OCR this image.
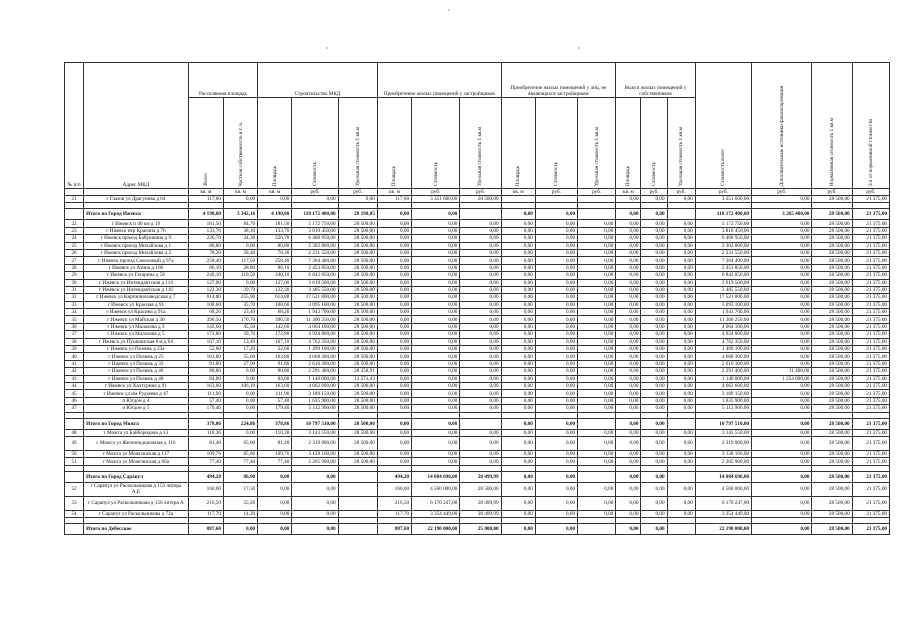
№ п/п	Адрес МКД	Расселяемая площадь		Строительство МКД			Приобретение жилых помещений у застройщиков			Приобретение жилых помещений у лиц, не являющихся застройщиком			Выкуп жилых помещений у собственников			Стоимость всего	Дополнительные источники финансирования	Нормативная стоимость 1 кв.м	3/4 от нормативной стоимости
		Всего	Частная собственность в т. ч.	Площадь	Стоимость	Удельная стоимость 1 кв.м	Площадь	Стоимость	Удельная стоимость 1 кв.м	Площадь	Стоимость	Удельная стоимость 1 кв.м	Площадь	Стоимость	Удельная стоимость 1 кв.м				
		кв. м	кв. м	кв. м	руб.	руб.	кв. м	руб.	руб.	кв. м	руб.	руб.	кв. м	руб.	руб.	руб.	руб.	руб.	руб.
21	г Глазов ул Драгунова д 64	117,60	0,00	0,00	0,00	0,00	117,60	3 351 600,00	28 500,00				0,00	0,00	0,00	3 351 600,00	0,00	28 500,00	21 375,00

	Итого по Город Ижевск	4 190,80	3 342,16	4 190,80	118 172 400,00	28 198,05	0,00	0,00		0,00	0,00		0,00	0,00		118 172 400,00	3 265 400,00	28 500,00	21 375,00
22	г Ижевск п 40 км д 19	181,50	84,70	181,50	5 172 750,00	28 500,00	0,00	0,00	0,00	0,00	0,00	0,00	0,00	0,00	0,00	5 172 750,00	0,00	28 500,00	21 375,00
23	г Ижевск пер Красина д 76	133,70	38,10	133,70	3 810 450,00	28 500,00	0,00	0,00	0,00	0,00	0,00	0,00	0,00	0,00	0,00	3 810 450,00	0,00	28 500,00	21 375,00
24	г Ижевск проезд Бабушкина д 9	226,70	24,30	226,70	6 460 950,00	28 500,00	0,00	0,00	0,00	0,00	0,00	0,00	0,00	0,00	0,00	6 460 950,00	0,00	28 500,00	21 375,00
25	г Ижевск проезд Михайлова д 1	80,80	0,00	80,80	2 302 800,00	28 500,00	0,00	0,00	0,00	0,00	0,00	0,00	0,00	0,00	0,00	2 302 800,00	0,00	28 500,00	21 375,00
26	г Ижевск проезд Михайлова д 2	78,30	58,40	78,30	2 231 550,00	28 500,00	0,00	0,00	0,00	0,00	0,00	0,00	0,00	0,00	0,00	2 231 550,00	0,00	28 500,00	21 375,00
27	г Ижевск проезд Соколовый д 97а	258,40	117,50	258,40	7 364 400,00	28 500,00	0,00	0,00	0,00	0,00	0,00	0,00	0,00	0,00	0,00	7 364 400,00	0,00	28 500,00	21 375,00
28	г Ижевск ул Азина д 166	86,10	28,80	86,10	2 453 850,00	28 500,00	0,00	0,00	0,00	0,00	0,00	0,00	0,00	0,00	0,00	2 453 850,00	0,00	28 500,00	21 375,00
29	г Ижевск ул Гагарина д 56	240,10	119,50	240,10	6 842 850,00	28 500,00	0,00	0,00	0,00	0,00	0,00	0,00	0,00	0,00	0,00	6 842 850,00	0,00	28 500,00	21 375,00
30	г Ижевск ул Интендантская д 114	127,00	0,00	127,00	3 619 500,00	28 500,00	0,00	0,00	0,00	0,00	0,00	0,00	0,00	0,00	0,00	3 619 500,00	0,00	28 500,00	21 375,00
31	г Ижевск ул Интендантская д 116	122,30	39,70	122,30	3 485 550,00	28 500,00	0,00	0,00	0,00	0,00	0,00	0,00	0,00	0,00	0,00	3 485 550,00	0,00	28 500,00	21 375,00
32	г Ижевск ул Кирпичнозаводская д 7	614,80	255,90	614,80	17 521 800,00	28 500,00	0,00	0,00	0,00	0,00	0,00	0,00	0,00	0,00	0,00	17 521 800,00	0,00	28 500,00	21 375,00
33	г Ижевск ул Красная д 91	108,60	35,70	108,60	3 095 100,00	28 500,00	0,00	0,00	0,00	0,00	0,00	0,00	0,00	0,00	0,00	3 095 100,00	0,00	28 500,00	21 375,00
34	г Ижевск ул Красина д 91а	68,20	23,40	68,20	1 943 700,00	28 500,00	0,00	0,00	0,00	0,00	0,00	0,00	0,00	0,00	0,00	1 943 700,00	0,00	28 500,00	21 375,00
35	г Ижевск ул Майская д 30	396,50	170,70	396,50	11 300 250,00	28 500,00	0,00	0,00	0,00	0,00	0,00	0,00	0,00	0,00	0,00	11 300 250,00	0,00	28 500,00	21 375,00
36	г Ижевск ул Малахова д 3	142,60	45,50	142,60	4 064 100,00	28 500,00	0,00	0,00	0,00	0,00	0,00	0,00	0,00	0,00	0,00	4 064 100,00	0,00	28 500,00	21 375,00
37	г Ижевск ул Малахова д 5	172,80	39,70	172,80	4 924 800,00	28 500,00	0,00	0,00	0,00	0,00	0,00	0,00	0,00	0,00	0,00	4 924 800,00	0,00	28 500,00	21 375,00
38	г Ижевск ул Пушкинская 6-я д 04	167,10	13,40	167,10	4 762 350,00	28 500,00	0,00	0,00	0,00	0,00	0,00	0,00	0,00	0,00	0,00	4 762 350,00	0,00	28 500,00	21 375,00
39	г Ижевск ул Позимь д 23а	52,60	17,20	52,60	1 499 100,00	28 500,00	0,00	0,00	0,00	0,00	0,00	0,00	0,00	0,00	0,00	1 499 100,00	0,00	28 500,00	21 375,00
40	г Ижевск ул Позимь д 25	163,80	55,60	163,80	4 668 300,00	28 500,00	0,00	0,00	0,00	0,00	0,00	0,00	0,00	0,00	0,00	4 668 300,00	0,00	28 500,00	21 375,00
41	г Ижевск ул Позимь д 33	91,80	27,90	91,80	2 616 300,00	28 500,00	0,00	0,00	0,00	0,00	0,00	0,00	0,00	0,00	0,00	2 616 300,00	0,00	28 500,00	21 375,00
42	г Ижевск ул Позимь д 46	80,80	0,00	80,80	2 291 400,00	28 358,91	0,00	0,00	0,00	0,00	0,00	0,00	0,00	0,00	0,00	2 291 400,00	11 400,00	28 500,00	21 375,00
43	г Ижевск ул Позимь д 48	84,00	0,00	84,00	1 140 000,00	13 571,43	0,00	0,00	0,00	0,00	0,00	0,00	0,00	0,00	0,00	1 140 000,00	1 254 000,00	28 500,00	21 375,00
44	г Ижевск ул Халтурина д 91	163,60	106,10	163,60	4 662 600,00	28 500,00	0,00	0,00	0,00	0,00	0,00	0,00	0,00	0,00	0,00	4 662 600,00	0,00	28 500,00	21 375,00
45	г Ижевск ул им Рудзеева д 47	111,90	0,00	111,90	3 189 150,00	28 500,00	0,00	0,00	0,00	0,00	0,00	0,00	0,00	0,00	0,00	3 189 150,00	0,00	28 500,00	21 375,00
46	п Югдон д 4	57,40	0,00	57,40	1 635 900,00	28 500,00	0,00	0,00	0,00	0,00	0,00	0,00	0,00	0,00	0,00	1 635 900,00	0,00	28 500,00	21 375,00
47	п Югдон д 5	179,40	0,00	179,40	5 112 900,00	28 500,00	0,00	0,00	0,00	0,00	0,00	0,00	0,00	0,00	0,00	5 112 900,00	0,00	28 500,00	21 375,00

	Итого по Город Можга	378,86	224,86	378,86	10 797 510,00	28 500,00	0,00	0,00		0,00	0,00		0,00	0,00		10 797 510,00	0,00	28 500,00	21 375,00
48	г Можга ул Байбородова д 13	110,30	0,00	110,30	3 143 550,00	28 500,00	0,00	0,00	0,00	0,00	0,00	0,00	0,00	0,00	0,00	3 143 550,00	0,00	28 500,00	21 375,00
49	г Можга ул Железнодорожная д 116	81,40	65,60	81,40	2 319 900,00	28 500,00	0,00	0,00	0,00	0,00	0,00	0,00	0,00	0,00	0,00	2 319 900,00	0,00	28 500,00	21 375,00
50	г Можга ул Можгинская д 117	109,76	85,86	109,76	3 128 160,00	28 500,00	0,00	0,00	0,00	0,00	0,00	0,00	0,00	0,00	0,00	3 128 160,00	0,00	28 500,00	21 375,00
51	г Можга ул Можгинская д 60а	77,40	77,40	77,40	2 205 900,00	28 500,00	0,00	0,00	0,00	0,00	0,00	0,00	0,00	0,00	0,00	2 205 900,00	0,00	28 500,00	21 375,00

	Итого по Город Сарапул	494,20	86,90	0,00	0,00		494,20	14 084 696,00	28 499,99	0,00	0,00		0,00	0,00		14 084 696,00	0,00	28 500,00	21 375,00
52	г Сарапул ул Раскольникова д 153 литера А,Б	160,00	17,50	0,00	0,00		160,00	4 560 000,00	28 500,00	0,00	0,00	0,00	0,00	0,00	0,00	4 560 000,00	0,00	28 500,00	21 375,00
53	г Сарапул ул Раскольникова д 156 литера А	216,50	55,20	0,00	0,00		216,50	6 170 247,00	28 499,99	0,00	0,00	0,00	0,00	0,00	0,00	6 170 247,00	0,00	28 500,00	21 375,00
54	г Сарапул ул Раскольникова д 72а	117,70	14,20	0,00	0,00		117,70	3 354 449,00	28 499,99	0,00	0,00	0,00	0,00	0,00	0,00	3 354 449,00	0,00	28 500,00	21 375,00

	Итого по Дебесское	887,60	0,00	0,00	0,00		887,60	22 190 000,00	25 000,00	0,00	0,00		0,00	0,00		22 190 000,00	0,00	28 500,00	21 375,00
